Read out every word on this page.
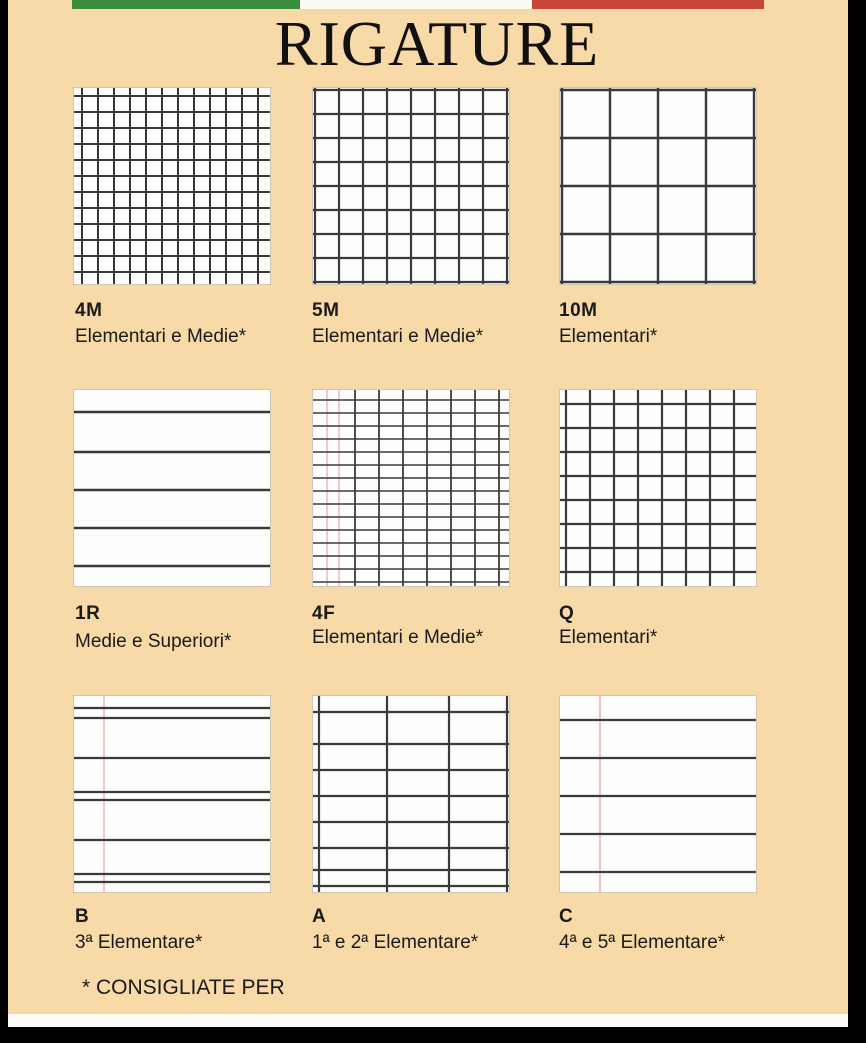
RIGATURE
4M
Elementari e Medie*
5M
Elementari e Medie*
10M
Elementari*
1R
Medie e Superiori*
4F
Elementari e Medie*
Q
Elementari*
B
3ª Elementare*
A
1ª e 2ª Elementare*
C
4ª e 5ª Elementare*
* CONSIGLIATE PER
